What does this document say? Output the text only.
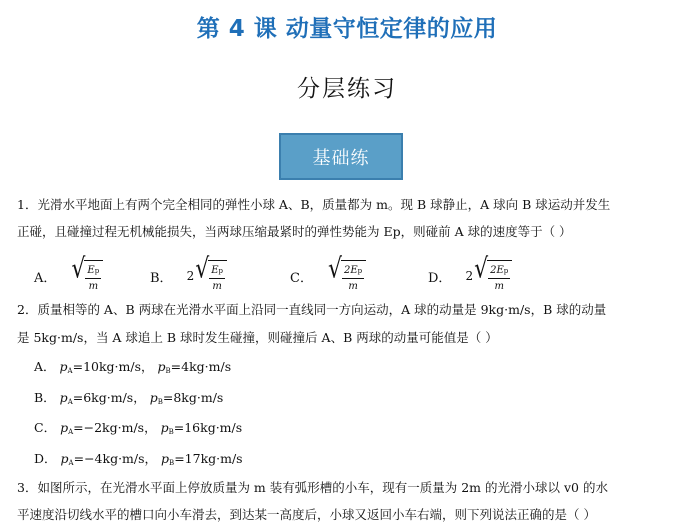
第 4 课 动量守恒定律的应用
分层练习
基础练
1．光滑水平地面上有两个完全相同的弹性小球 A、B，质量都为 m。现 B 球静止，A 球向 B 球运动并发生
正碰，且碰撞过程无机械能损失，当两球压缩最紧时的弹性势能为 Ep，则碰前 A 球的速度等于（ ）
A． √ $\frac{Ep}{m}$	B． 2 √ $\frac{Ep}{m}$	C． √ $\frac{2Ep}{m}$	D． 2 √ $\frac{2Ep}{m}$
2．质量相等的 A、B 两球在光滑水平面上沿同一直线同一方向运动，A 球的动量是 9kg·m/s，B 球的动量
是 5kg·m/s，当 A 球追上 B 球时发生碰撞，则碰撞后 A、B 两球的动量可能值是（ ）
A． pA=10kg·m/s， pB=4kg·m/s
B． pA=6kg·m/s， pB=8kg·m/s
C． pA=−2kg·m/s， pB=16kg·m/s
D． pA=−4kg·m/s， pB=17kg·m/s
3．如图所示，在光滑水平面上停放质量为 m 装有弧形槽的小车，现有一质量为 2m 的光滑小球以 v0 的水
平速度沿切线水平的槽口向小车滑去，到达某一高度后，小球又返回小车右端，则下列说法正确的是（ ）
